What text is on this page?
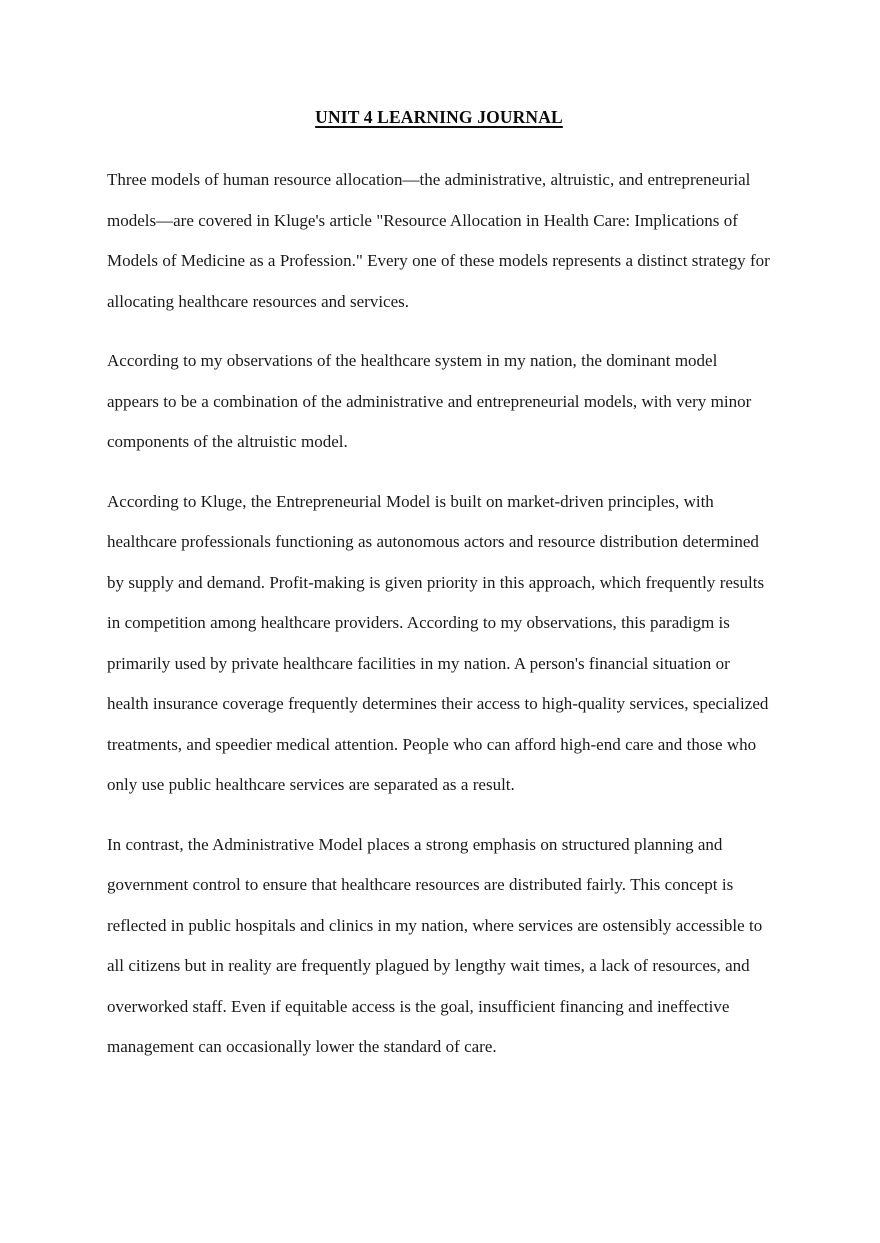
UNIT 4 LEARNING JOURNAL

Three models of human resource allocation—the administrative, altruistic, and entrepreneurial models—are covered in Kluge's article "Resource Allocation in Health Care: Implications of Models of Medicine as a Profession." Every one of these models represents a distinct strategy for allocating healthcare resources and services.

According to my observations of the healthcare system in my nation, the dominant model appears to be a combination of the administrative and entrepreneurial models, with very minor components of the altruistic model.

According to Kluge, the Entrepreneurial Model is built on market-driven principles, with healthcare professionals functioning as autonomous actors and resource distribution determined by supply and demand. Profit-making is given priority in this approach, which frequently results in competition among healthcare providers. According to my observations, this paradigm is primarily used by private healthcare facilities in my nation. A person's financial situation or health insurance coverage frequently determines their access to high-quality services, specialized treatments, and speedier medical attention. People who can afford high-end care and those who only use public healthcare services are separated as a result.

In contrast, the Administrative Model places a strong emphasis on structured planning and government control to ensure that healthcare resources are distributed fairly. This concept is reflected in public hospitals and clinics in my nation, where services are ostensibly accessible to all citizens but in reality are frequently plagued by lengthy wait times, a lack of resources, and overworked staff. Even if equitable access is the goal, insufficient financing and ineffective management can occasionally lower the standard of care.
